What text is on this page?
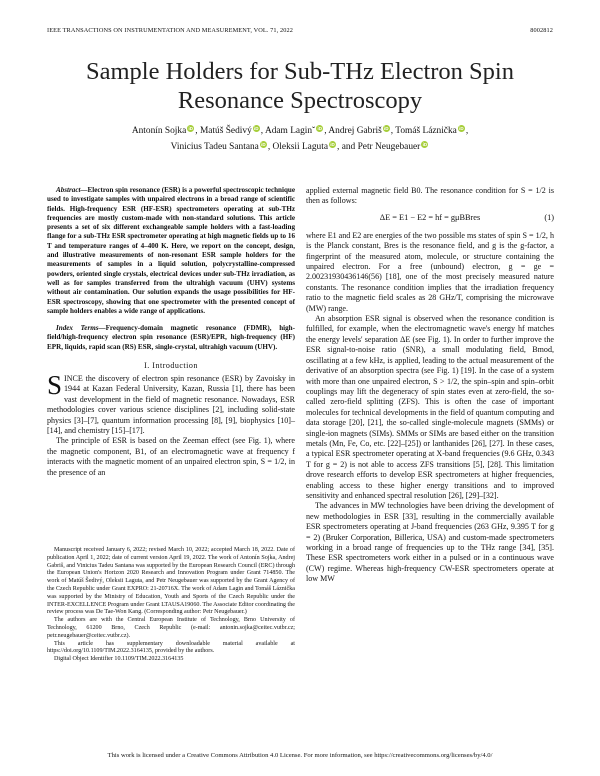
IEEE TRANSACTIONS ON INSTRUMENTATION AND MEASUREMENT, VOL. 71, 2022	8002812
Sample Holders for Sub-THz Electron Spin Resonance Spectroscopy
Antonín Sojka iD , Matúš Šedivý iD , Adam Laginˇ iD , Andrej Gabriš iD , Tomáš Láznička iD ,
Vinicius Tadeu Santana iD , Oleksii Laguta iD , and Petr Neugebauer iD

Abstract—Electron spin resonance (ESR) is a powerful spectroscopic technique used to investigate samples with unpaired electrons in a broad range of scientific fields. High-frequency ESR (HF-ESR) spectrometers operating at sub-THz frequencies are mostly custom-made with non-standard solutions. This article presents a set of six different exchangeable sample holders with a fast-loading flange for a sub-THz ESR spectrometer operating at high magnetic fields up to 16 T and temperature ranges of 4–400 K. Here, we report on the concept, design, and illustrative measurements of non-resonant ESR sample holders for the measurements of samples in a liquid solution, polycrystalline-compressed powders, oriented single crystals, electrical devices under sub-THz irradiation, as well as for samples transferred from the ultrahigh vacuum (UHV) systems without air contamination. Our solution expands the usage possibilities for HF-ESR spectroscopy, showing that one spectrometer with the presented concept of sample holders enables a wide range of applications.

Index Terms—Frequency-domain magnetic resonance (FDMR), high-field/high-frequency electron spin resonance (ESR)/EPR, high-frequency (HF) EPR, liquids, rapid scan (RS) ESR, single-crystal, ultrahigh vacuum (UHV).

I. Introduction

SINCE the discovery of electron spin resonance (ESR) by Zavoisky in 1944 at Kazan Federal University, Kazan, Russia [1], there has been vast development in the field of magnetic resonance. Nowadays, ESR methodologies cover various science disciplines [2], including solid-state physics [3]–[7], quantum information processing [8], [9], biophysics [10]–[14], and chemistry [15]–[17].

The principle of ESR is based on the Zeeman effect (see Fig. 1), where the magnetic component, B1, of an electromagnetic wave at frequency f interacts with the magnetic moment of an unpaired electron spin, S = 1/2, in the presence of an

Manuscript received January 6, 2022; revised March 10, 2022; accepted March 18, 2022. Date of publication April 1, 2022; date of current version April 19, 2022. The work of Antonín Sojka, Andrej Gabriš, and Vinicius Tadeu Santana was supported by the European Research Council (ERC) through the European Union's Horizon 2020 Research and Innovation Program under Grant 714850. The work of Matúš Šedivý, Oleksii Laguta, and Petr Neugebauer was supported by the Grant Agency of the Czech Republic under Grant EXPRO: 21-20716X. The work of Adam Lagin and Tomáš Láznička was supported by the Ministry of Education, Youth and Sports of the Czech Republic under the INTER-EXCELLENCE Program under Grant LTAUSA19060. The Associate Editor coordinating the review process was De Tae-Won Kang. (Corresponding author: Petr Neugebauer.)

The authors are with the Central European Institute of Technology, Brno University of Technology, 61200 Brno, Czech Republic (e-mail: antonin.sojka@ceitec.vutbr.cz; petr.neugebauer@ceitec.vutbr.cz).

This article has supplementary downloadable material available at https://doi.org/10.1109/TIM.2022.3164135, provided by the authors.

Digital Object Identifier 10.1109/TIM.2022.3164135

applied external magnetic field B0. The resonance condition for S = 1/2 is then as follows:

ΔE = E1 − E2 = hf = gμBBres	(1)

where E1 and E2 are energies of the two possible ms states of spin S = 1/2, h is the Planck constant, Bres is the resonance field, and g is the g-factor, a fingerprint of the measured atom, molecule, or structure containing the unpaired electron. For a free (unbound) electron, g = ge = 2.00231930436146(56) [18], one of the most precisely measured nature constants. The resonance condition implies that the irradiation frequency ratio to the magnetic field scales as 28 GHz/T, comprising the microwave (MW) range.

An absorption ESR signal is observed when the resonance condition is fulfilled, for example, when the electromagnetic wave's energy hf matches the energy levels' separation ΔE (see Fig. 1). In order to further improve the ESR signal-to-noise ratio (SNR), a small modulating field, Bmod, oscillating at a few kHz, is applied, leading to the actual measurement of the derivative of an absorption spectra (see Fig. 1) [19]. In the case of a system with more than one unpaired electron, S > 1/2, the spin–spin and spin–orbit couplings may lift the degeneracy of spin states even at zero-field, the so-called zero-field splitting (ZFS). This is often the case of important molecules for technical developments in the field of quantum computing and data storage [20], [21], the so-called single-molecule magnets (SMMs) or single-ion magnets (SIMs). SMMs or SIMs are based either on the transition metals (Mn, Fe, Co, etc. [22]–[25]) or lanthanides [26], [27]. In these cases, a typical ESR spectrometer operating at X-band frequencies (9.6 GHz, 0.343 T for g = 2) is not able to access ZFS transitions [5], [28]. This limitation drove research efforts to develop ESR spectrometers at higher frequencies, enabling access to these higher energy transitions and to improved sensitivity and enhanced spectral resolution [26], [29]–[32].

The advances in MW technologies have been driving the development of new methodologies in ESR [33], resulting in the commercially available ESR spectrometers operating at J-band frequencies (263 GHz, 9.395 T for g = 2) (Bruker Corporation, Billerica, USA) and custom-made spectrometers working in a broad range of frequencies up to the THz range [34], [35]. These ESR spectrometers work either in a pulsed or in a continuous wave (CW) regime. Whereas high-frequency CW-ESR spectrometers operate at low MW

This work is licensed under a Creative Commons Attribution 4.0 License. For more information, see https://creativecommons.org/licenses/by/4.0/
